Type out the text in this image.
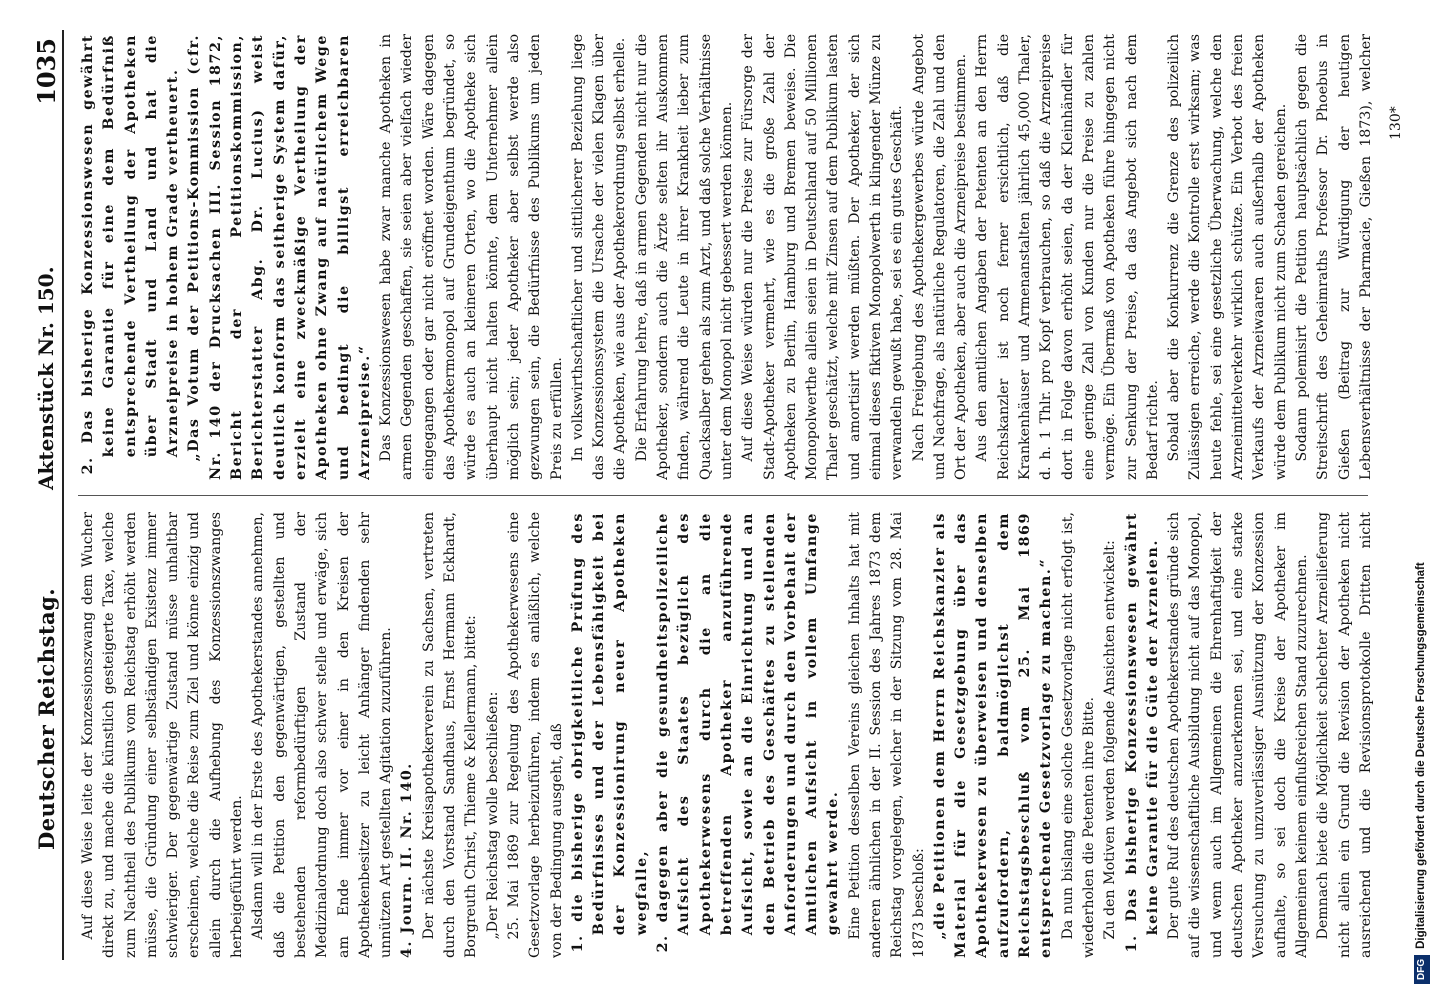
Deutscher Reichstag.
Aktenstück Nr. 150.
1035

Auf diese Weise leite der Konzessionszwang dem Wucher direkt zu, und mache die künstlich gesteigerte Taxe, welche zum Nachtheil des Publikums vom Reichstag erhöht werden müsse, die Gründung einer selbständigen Existenz immer schwieriger. Der gegenwärtige Zustand müsse unhaltbar erscheinen, welche die Reise zum Ziel und könne einzig und allein durch die Aufhebung des Konzessionszwanges herbeigeführt werden. Alsdann will in der Erste des Apothekerstandes annehmen, daß die Petition den gegenwärtigen, gestellten und bestehenden reformbedürftigen Zustand der Medizinalordnung doch also schwer stelle und erwäge, sich am Ende immer vor einer in den Kreisen der Apothekenbesitzer zu leicht Anhänger findenden sehr unnützen Art gestellten Agitation zuzuführen. 4. Journ. II. Nr. 140. Der nächste Kreisapothekerverein zu Sachsen, vertreten durch den Vorstand Sandhaus, Ernst Hermann Eckhardt, Borgreuth Christ, Thieme & Kellermann, bittet: „Der Reichstag wolle beschließen: 25. Mai 1869 zur Regelung des Apothekerwesens eine Gesetzvorlage herbeizuführen, indem es anläßlich, welche von der Bedingung ausgeht, daß 1. die bisherige obrigkeitliche Prüfung des Bedürfnisses und der Lebensfähigkeit bei der Konzessionirung neuer Apotheken wegfalle, 2. dagegen aber die gesundheitspolizeiliche Aufsicht des Staates bezüglich des Apothekerwesens durch die an die betreffenden Apotheker anzuführende Aufsicht, sowie an die Einrichtung und an den Betrieb des Geschäftes zu stellenden Anforderungen und durch den Vorbehalt der Amtlichen Aufsicht in vollem Umfange gewahrt werde. Eine Petition desselben Vereins gleichen Inhalts hat mit anderen ähnlichen in der II. Session des Jahres 1873 dem Reichstag vorgelegen, welcher in der Sitzung vom 28. Mai 1873 beschloß: „die Petitionen dem Herrn Reichskanzler als Material für die Gesetzgebung über das Apothekerwesen zu überweisen und denselben aufzufordern, baldmöglichst dem Reichstagsbeschluß vom 25. Mai 1869 entsprechende Gesetzvorlage zu machen.“ Da nun bislang eine solche Gesetzvorlage nicht erfolgt ist, wiederholen die Petenten ihre Bitte. Zu den Motiven werden folgende Ansichten entwickelt: 1. Das bisherige Konzessionswesen gewährt keine Garantie für die Güte der Arzneien. Der gute Ruf des deutschen Apothekerstandes gründe sich auf die wissenschaftliche Ausbildung nicht auf das Monopol, und wenn auch im Allgemeinen die Ehrenhaftigkeit der deutschen Apotheker anzuerkennen sei, und eine starke Versuchung zu unzuverlässiger Ausnützung der Konzession aufhalte, so sei doch die Kreise der Apotheker im Allgemeinen keinem einflußreichen Stand zuzurechnen. Demnach biete die Möglichkeit schlechter Arzneilieferung nicht allein ein Grund die Revision der Apotheken nicht ausreichend und die Revisionsprotokolle Dritten nicht

2. Das bisherige Konzessionswesen gewährt keine Garantie für eine dem Bedürfniß entsprechende Vertheilung der Apotheken über Stadt und Land und hat die Arzneipreise in hohem Grade vertheuert. „Das Votum der Petitions-Kommission (cfr. Nr. 140 der Drucksachen III. Session 1872, Bericht der Petitionskommission, Berichterstatter Abg. Dr. Lucius) weist deutlich konform das seitherige System dafür, erzielt eine zweckmäßige Vertheilung der Apotheken ohne Zwang auf natürlichem Wege und bedingt die billigst erreichbaren Arzneipreise.“ Das Konzessionswesen habe zwar manche Apotheken in armen Gegenden geschaffen, sie seien aber vielfach wieder eingegangen oder gar nicht eröffnet worden. Wäre dagegen das Apothekermonopol auf Grundeigenthum begründet, so würde es auch an kleineren Orten, wo die Apotheke sich überhaupt nicht halten könnte, dem Unternehmer allein möglich sein; jeder Apotheker aber selbst werde also gezwungen sein, die Bedürfnisse des Publikums um jeden Preis zu erfüllen. In volkswirthschaftlicher und sittlicherer Beziehung liege das Konzessionssystem die Ursache der vielen Klagen über die Apotheken, wie aus der Apothekerordnung selbst erhelle. Die Erfahrung lehre, daß in armen Gegenden nicht nur die Apotheker, sondern auch die Ärzte selten ihr Auskommen finden, während die Leute in ihrer Krankheit lieber zum Quacksalber gehen als zum Arzt, und daß solche Verhältnisse unter dem Monopol nicht gebessert werden können. Auf diese Weise würden nur die Preise zur Fürsorge der Stadt-Apotheker vermehrt, wie es die große Zahl der Apotheken zu Berlin, Hamburg und Bremen beweise. Die Monopolwerthe allein seien in Deutschland auf 50 Millionen Thaler geschätzt, welche mit Zinsen auf dem Publikum lasten und amortisirt werden müßten. Der Apotheker, der sich einmal dieses fiktiven Monopolwerth in klingender Münze zu verwandeln gewußt habe, sei es ein gutes Geschäft. Nach Freigebung des Apothekergewerbes würde Angebot und Nachfrage, als natürliche Regulatoren, die Zahl und den Ort der Apotheken, aber auch die Arzneipreise bestimmen. Aus den amtlichen Angaben der Petenten an den Herrn Reichskanzler ist noch ferner ersichtlich, daß die Krankenhäuser und Armenanstalten jährlich 45,000 Thaler, d. h. 1 Thlr. pro Kopf verbrauchen, so daß die Arzneipreise dort in Folge davon erhöht seien, da der Kleinhändler für eine geringe Zahl von Kunden nur die Preise zu zahlen vermöge. Ein Übermaß von Apotheken führe hingegen nicht zur Senkung der Preise, da das Angebot sich nach dem Bedarf richte. Sobald aber die Konkurrenz die Grenze des polizeilich Zulässigen erreiche, werde die Kontrolle erst wirksam; was heute fehle, sei eine gesetzliche Überwachung, welche den Arzneimittelverkehr wirklich schütze. Ein Verbot des freien Verkaufs der Arzneiwaaren auch außerhalb der Apotheken würde dem Publikum nicht zum Schaden gereichen. Sodann polemisirt die Petition hauptsächlich gegen die Streitschrift des Geheimraths Professor Dr. Phoebus in Gießen (Beitrag zur Würdigung der heutigen Lebensverhältnisse der Pharmacie, Gießen 1873), welcher

130*
DFGDigitalisierung gefördert durch die Deutsche Forschungsgemeinschaft
